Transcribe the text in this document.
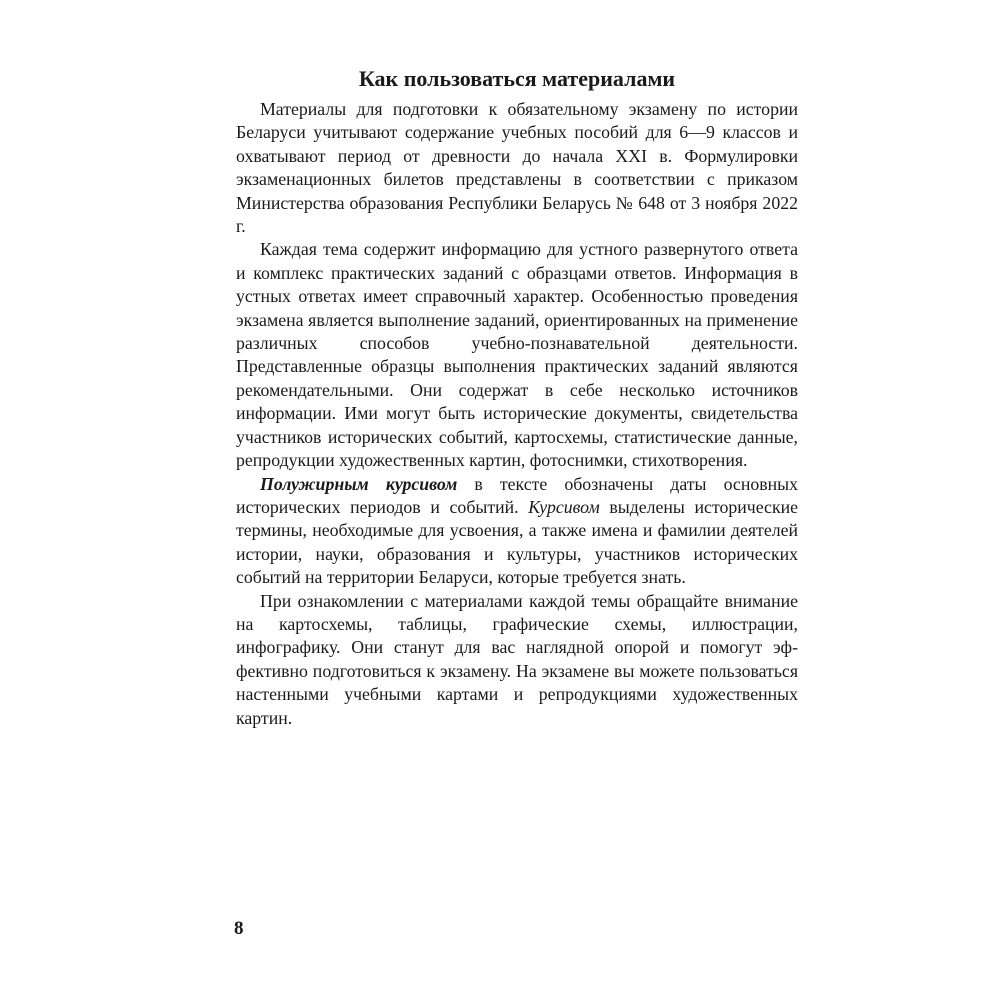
Как пользоваться материалами

Материалы для подготовки к обязательному экзамену по истории Беларуси учитывают содержание учебных пособий для 6—9 классов и охватывают период от древности до начала XXI в. Формулировки экзаменационных билетов представлены в соответствии с приказом Министерства образования Республики Беларусь № 648 от 3 ноября 2022 г.

Каждая тема содержит информацию для устного развернутого ответа и комплекс практических заданий с образцами ответов. Информация в устных ответах имеет справочный характер. Особенностью проведения экзамена является выполнение заданий, ориентированных на применение различных способов учебно-познавательной деятельности. Представленные образцы выполнения практических заданий являются рекомендательными. Они содержат в себе несколько источников информации. Ими могут быть исторические документы, свидетельства участников исторических событий, картосхемы, статистические данные, репродукции художественных картин, фотоснимки, стихотворения.

Полужирным курсивом в тексте обозначены даты основных исторических периодов и событий. Курсивом выделены исторические термины, необходимые для усвоения, а также имена и фамилии деятелей истории, науки, образования и культуры, участников исторических событий на территории Беларуси, которые требуется знать.

При ознакомлении с материалами каждой темы обращайте внимание на картосхемы, таблицы, графические схемы, иллюстрации, инфографику. Они станут для вас наглядной опорой и помогут эффективно подготовиться к экзамену. На экзамене вы можете пользоваться настенными учебными картами и репродукциями художественных картин.

8
